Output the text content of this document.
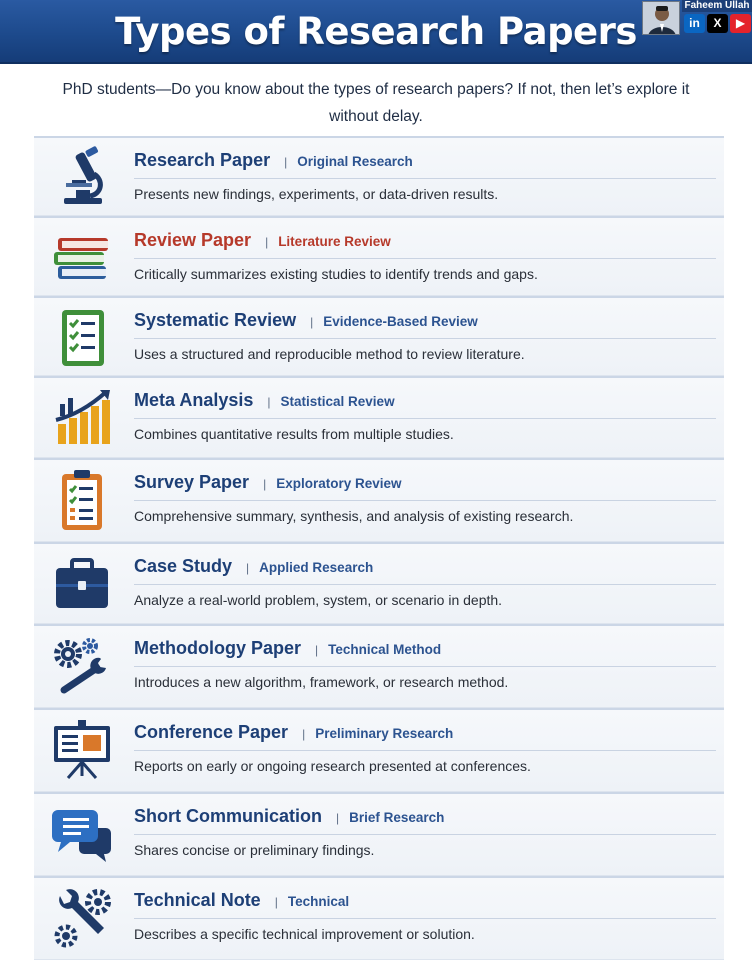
Types of Research Papers
Faheem Ullah
in	X	▶
PhD students—Do you know about the types of research papers? If not, then let’s explore it without delay.
Research Paper | Original Research
Presents new findings, experiments, or data-driven results.
Review Paper | Literature Review
Critically summarizes existing studies to identify trends and gaps.
Systematic Review | Evidence-Based Review
Uses a structured and reproducible method to review literature.
Meta Analysis | Statistical Review
Combines quantitative results from multiple studies.
Survey Paper | Exploratory Review
Comprehensive summary, synthesis, and analysis of existing research.
Case Study | Applied Research
Analyze a real-world problem, system, or scenario in depth.
Methodology Paper | Technical Method
Introduces a new algorithm, framework, or research method.
Conference Paper | Preliminary Research
Reports on early or ongoing research presented at conferences.
Short Communication | Brief Research
Shares concise or preliminary findings.
Technical Note | Technical
Describes a specific technical improvement or solution.
